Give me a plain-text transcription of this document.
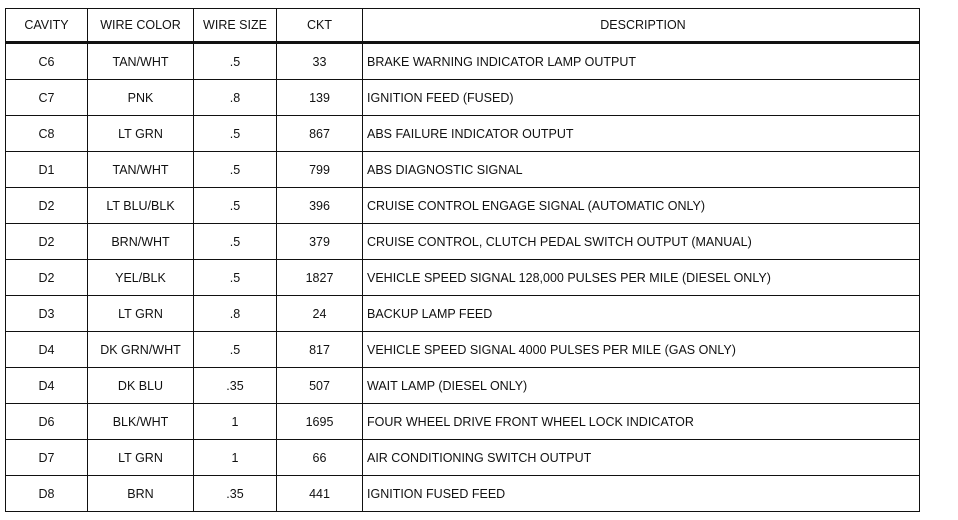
CAVITY	WIRE COLOR	WIRE SIZE	CKT	DESCRIPTION
C6	TAN/WHT	.5	33	BRAKE WARNING INDICATOR LAMP OUTPUT
C7	PNK	.8	139	IGNITION FEED (FUSED)
C8	LT GRN	.5	867	ABS FAILURE INDICATOR OUTPUT
D1	TAN/WHT	.5	799	ABS DIAGNOSTIC SIGNAL
D2	LT BLU/BLK	.5	396	CRUISE CONTROL ENGAGE SIGNAL (AUTOMATIC ONLY)
D2	BRN/WHT	.5	379	CRUISE CONTROL, CLUTCH PEDAL SWITCH OUTPUT (MANUAL)
D2	YEL/BLK	.5	1827	VEHICLE SPEED SIGNAL 128,000 PULSES PER MILE (DIESEL ONLY)
D3	LT GRN	.8	24	BACKUP LAMP FEED
D4	DK GRN/WHT	.5	817	VEHICLE SPEED SIGNAL 4000 PULSES PER MILE (GAS ONLY)
D4	DK BLU	.35	507	WAIT LAMP (DIESEL ONLY)
D6	BLK/WHT	1	1695	FOUR WHEEL DRIVE FRONT WHEEL LOCK INDICATOR
D7	LT GRN	1	66	AIR CONDITIONING SWITCH OUTPUT
D8	BRN	.35	441	IGNITION FUSED FEED
